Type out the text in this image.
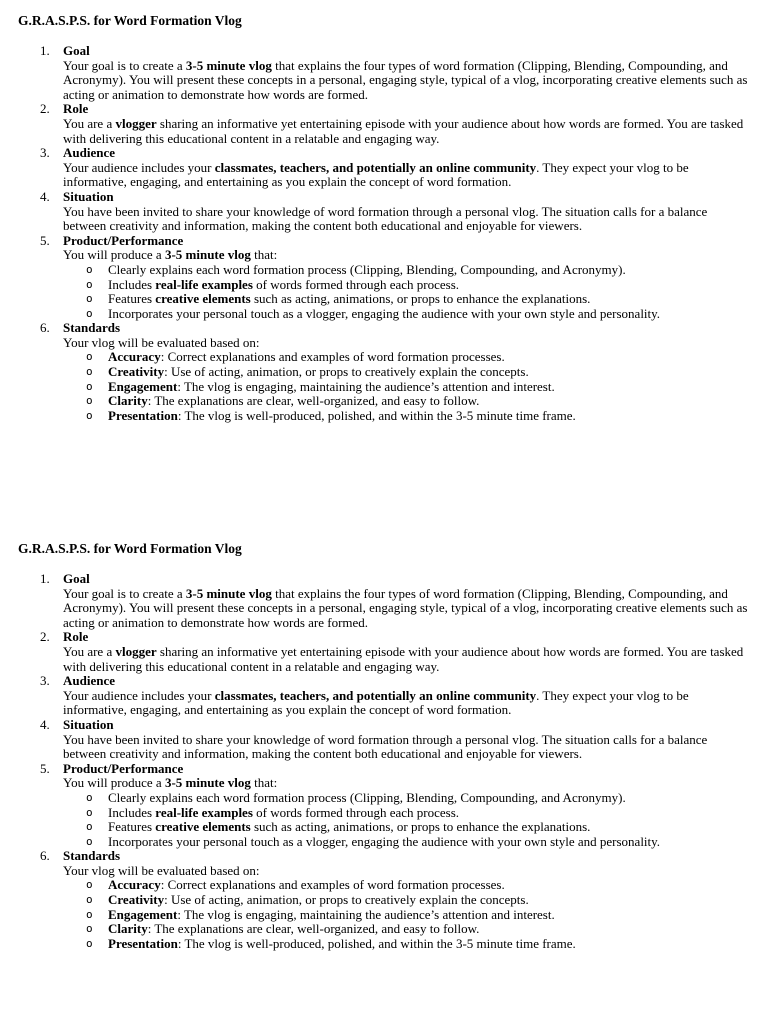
G.R.A.S.P.S. for Word Formation Vlog
1.	Goal
Your goal is to create a 3-5 minute vlog that explains the four types of word formation (Clipping, Blending, Compounding, and Acronymy). You will present these concepts in a personal, engaging style, typical of a vlog, incorporating creative elements such as acting or animation to demonstrate how words are formed.
2.	Role
You are a vlogger sharing an informative yet entertaining episode with your audience about how words are formed. You are tasked with delivering this educational content in a relatable and engaging way.
3.	Audience
Your audience includes your classmates, teachers, and potentially an online community. They expect your vlog to be informative, engaging, and entertaining as you explain the concept of word formation.
4.	Situation
You have been invited to share your knowledge of word formation through a personal vlog. The situation calls for a balance between creativity and information, making the content both educational and enjoyable for viewers.
5.	Product/Performance
You will produce a 3-5 minute vlog that:
o Clearly explains each word formation process (Clipping, Blending, Compounding, and Acronymy).
o Includes real-life examples of words formed through each process.
o Features creative elements such as acting, animations, or props to enhance the explanations.
o Incorporates your personal touch as a vlogger, engaging the audience with your own style and personality.
6.	Standards
Your vlog will be evaluated based on:
o Accuracy: Correct explanations and examples of word formation processes.
o Creativity: Use of acting, animation, or props to creatively explain the concepts.
o Engagement: The vlog is engaging, maintaining the audience’s attention and interest.
o Clarity: The explanations are clear, well-organized, and easy to follow.
o Presentation: The vlog is well-produced, polished, and within the 3-5 minute time frame.
G.R.A.S.P.S. for Word Formation Vlog
1.	Goal
Your goal is to create a 3-5 minute vlog that explains the four types of word formation (Clipping, Blending, Compounding, and Acronymy). You will present these concepts in a personal, engaging style, typical of a vlog, incorporating creative elements such as acting or animation to demonstrate how words are formed.
2.	Role
You are a vlogger sharing an informative yet entertaining episode with your audience about how words are formed. You are tasked with delivering this educational content in a relatable and engaging way.
3.	Audience
Your audience includes your classmates, teachers, and potentially an online community. They expect your vlog to be informative, engaging, and entertaining as you explain the concept of word formation.
4.	Situation
You have been invited to share your knowledge of word formation through a personal vlog. The situation calls for a balance between creativity and information, making the content both educational and enjoyable for viewers.
5.	Product/Performance
You will produce a 3-5 minute vlog that:
o Clearly explains each word formation process (Clipping, Blending, Compounding, and Acronymy).
o Includes real-life examples of words formed through each process.
o Features creative elements such as acting, animations, or props to enhance the explanations.
o Incorporates your personal touch as a vlogger, engaging the audience with your own style and personality.
6.	Standards
Your vlog will be evaluated based on:
o Accuracy: Correct explanations and examples of word formation processes.
o Creativity: Use of acting, animation, or props to creatively explain the concepts.
o Engagement: The vlog is engaging, maintaining the audience’s attention and interest.
o Clarity: The explanations are clear, well-organized, and easy to follow.
o Presentation: The vlog is well-produced, polished, and within the 3-5 minute time frame.
